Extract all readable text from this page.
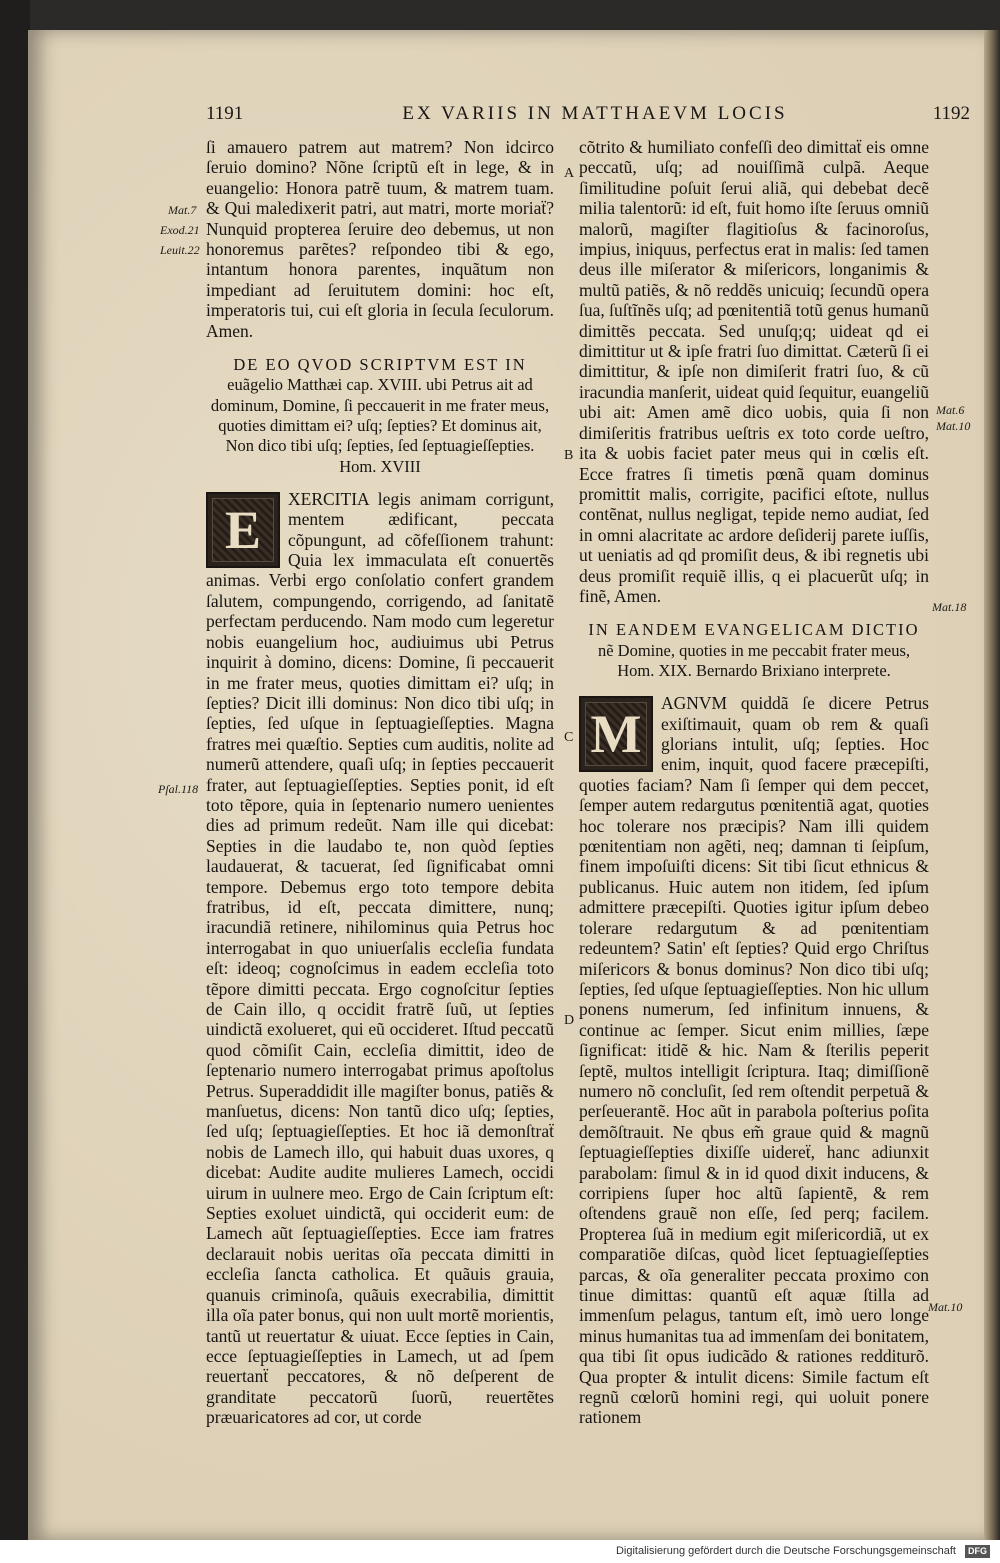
1191	EX VARIIS IN MATTHAEVM LOCIS	1192

ſi amauero patrem aut matrem? Non idcirco ſeruio domino? Nõne ſcriptũ eſt in lege, & in euangelio: Honora patrẽ tuum, & matrem tuam. & Qui maledixerit patri, aut matri, morte moriaẗ? Nunquid propterea ſeruire deo debemus, ut non honoremus parẽtes? reſpondeo tibi & ego, intantum honora parentes, inquãtum non impediant ad ſeruitutem domini: hoc eſt, imperatoris tui, cui eſt gloria in ſecula ſeculorum. Amen.

DE EO QVOD SCRIPTVM EST IN euãgelio Matthæi cap. XVIII. ubi Petrus ait ad dominum, Domine, ſi peccauerit in me frater meus, quoties dimittam ei? uſq; ſepties? Et dominus ait, Non dico tibi uſq; ſepties, ſed ſeptuagieſſepties. Hom. XVIII
E

XERCITIA legis animam corrigunt, mentem ædificant, peccata cõpungunt, ad cõfeſſionem trahunt: Quia lex immaculata eſt conuertẽs animas. Verbi ergo conſolatio confert grandem ſalutem, compungendo, corrigendo, ad ſanitatẽ perfectam perducendo. Nam modo cum legeretur nobis euangelium hoc, audiuimus ubi Petrus inquirit à domino, dicens: Domine, ſi peccauerit in me frater meus, quoties dimittam ei? uſq; in ſepties? Dicit illi dominus: Non dico tibi uſq; in ſepties, ſed uſque in ſeptuagieſſepties. Magna fratres mei quæſtio. Septies cum auditis, nolite ad numerũ attendere, quaſi uſq; in ſepties peccauerit frater, aut ſeptuagieſſepties. Septies ponit, id eſt toto tẽpore, quia in ſeptenario numero uenientes dies ad primum redeũt. Nam ille qui dicebat: Septies in die laudabo te, non quòd ſepties laudauerat, & tacuerat, ſed ſignificabat omni tempore. Debemus ergo toto tempore debita fratribus, id eſt, peccata dimittere, nunq; iracundiã retinere, nihilominus quia Petrus hoc interrogabat in quo uniuerſalis eccleſia fundata eſt: ideoq; cognoſcimus in eadem eccleſia toto tẽpore dimitti peccata. Ergo cognoſcitur ſepties de Cain illo, q occidit fratrẽ ſuũ, ut ſepties uindictã exolueret, qui eũ occideret. Iſtud peccatũ quod cõmiſit Cain, eccleſia dimittit, ideo de ſeptenario numero interrogabat primus apoſtolus Petrus. Superaddidit ille magiſter bonus, patiẽs & manſuetus, dicens: Non tantũ dico uſq; ſepties, ſed uſq; ſeptuagieſſepties. Et hoc iã demonſtraẗ nobis de Lamech illo, qui habuit duas uxores, q dicebat: Audite audite mulieres Lamech, occidi uirum in uulnere meo. Ergo de Cain ſcriptum eſt: Septies exoluet uindictã, qui occiderit eum: de Lamech aũt ſeptuagieſſepties. Ecce iam fratres declarauit nobis ueritas oĩa peccata dimitti in eccleſia ſancta catholica. Et quãuis grauia, quanuis criminoſa, quãuis execrabilia, dimittit illa oĩa pater bonus, qui non uult mortẽ morientis, tantũ ut reuertatur & uiuat. Ecce ſepties in Cain, ecce ſeptuagieſſepties in Lamech, ut ad ſpem reuertanẗ peccatores, & nõ deſperent de granditate peccatorũ ſuorũ, reuertẽtes præuaricatores ad cor, ut corde

cõtrito & humiliato confeſſi deo dimittaẗ eis omne peccatũ, uſq; ad nouiſſimã culpã. Aeque ſimilitudine poſuit ſerui aliã, qui debebat decẽ milia talentorũ: id eſt, fuit homo iſte ſeruus omniũ malorũ, magiſter flagitioſus & facinoroſus, impius, iniquus, perfectus erat in malis: ſed tamen deus ille miſerator & miſericors, longanimis & multũ patiẽs, & nõ reddẽs unicuiq; ſecundũ opera ſua, ſuſtĩnẽs uſq; ad pœnitentiã totũ genus humanũ dimittẽs peccata. Sed unuſq;q; uideat qd ei dimittitur ut & ipſe fratri ſuo dimittat. Cæterũ ſi ei dimittitur, & ipſe non dimiſerit fratri ſuo, & cũ iracundia manſerit, uideat quid ſequitur, euangeliũ ubi ait: Amen amẽ dico uobis, quia ſi non dimiſeritis fratribus ueſtris ex toto corde ueſtro, ita & uobis faciet pater meus qui in cœlis eſt. Ecce fratres ſi timetis pœnã quam dominus promittit malis, corrigite, pacifici eſtote, nullus contẽnat, nullus negligat, tepide nemo audiat, ſed in omni alacritate ac ardore deſiderij parete iuſſis, ut ueniatis ad qd promiſit deus, & ibi regnetis ubi deus promiſit requiẽ illis, q ei placuerũt uſq; in finẽ, Amen.

IN EANDEM EVANGELICAM DICTIO nẽ Domine, quoties in me peccabit frater meus, Hom. XIX. Bernardo Brixiano interprete.
M

AGNVM quiddã ſe dicere Petrus exiſtimauit, quam ob rem & quaſi glorians intulit, uſq; ſepties. Hoc enim, inquit, quod facere præcepiſti, quoties faciam? Nam ſi ſemper qui dem peccet, ſemper autem redargutus pœnitentiã agat, quoties hoc tolerare nos præcipis? Nam illi quidem pœnitentiam non agẽti, neq; damnan ti ſeipſum, finem impoſuiſti dicens: Sit tibi ſicut ethnicus & publicanus. Huic autem non itidem, ſed ipſum admittere præcepiſti. Quoties igitur ipſum debeo tolerare redargutum & ad pœnitentiam redeuntem? Satin' eſt ſepties? Quid ergo Chriſtus miſericors & bonus dominus? Non dico tibi uſq; ſepties, ſed uſque ſeptuagieſſepties. Non hic ullum ponens numerum, ſed infinitum innuens, & continue ac ſemper. Sicut enim millies, ſæpe ſignificat: itidẽ & hic. Nam & ſterilis peperit ſeptẽ, multos intelligit ſcriptura. Itaq; dimiſſionẽ numero nõ concluſit, ſed rem oſtendit perpetuã & perſeuerantẽ. Hoc aũt in parabola poſterius poſita demõſtrauit. Ne qbus em̃ graue quid & magnũ ſeptuagieſſepties dixiſſe uidereẗ, hanc adiunxit parabolam: ſimul & in id quod dixit inducens, & corripiens ſuper hoc altũ ſapientẽ, & rem oſtendens grauẽ non eſſe, ſed perq; facilem. Propterea ſuã in medium egit miſericordiã, ut ex comparatiõe diſcas, quòd licet ſeptuagieſſepties parcas, & oĩa generaliter peccata proximo con tinue dimittas: quantũ eſt aquæ ſtilla ad immenſum pelagus, tantum eſt, imò uero longe minus humanitas tua ad immenſam dei bonitatem, qua tibi ſit opus iudicãdo & rationes redditurõ. Qua propter & intulit dicens: Simile factum eſt regnũ cœlorũ homini regi, qui uoluit ponere rationem

Mat.7
Exod.21
Leuit.22
Pſal.118
Mat.6
Mat.10
Mat.18
Mat.10
A
B
C
D
Digitalisierung gefördert durch die Deutsche Forschungsgemeinschaft DFG
